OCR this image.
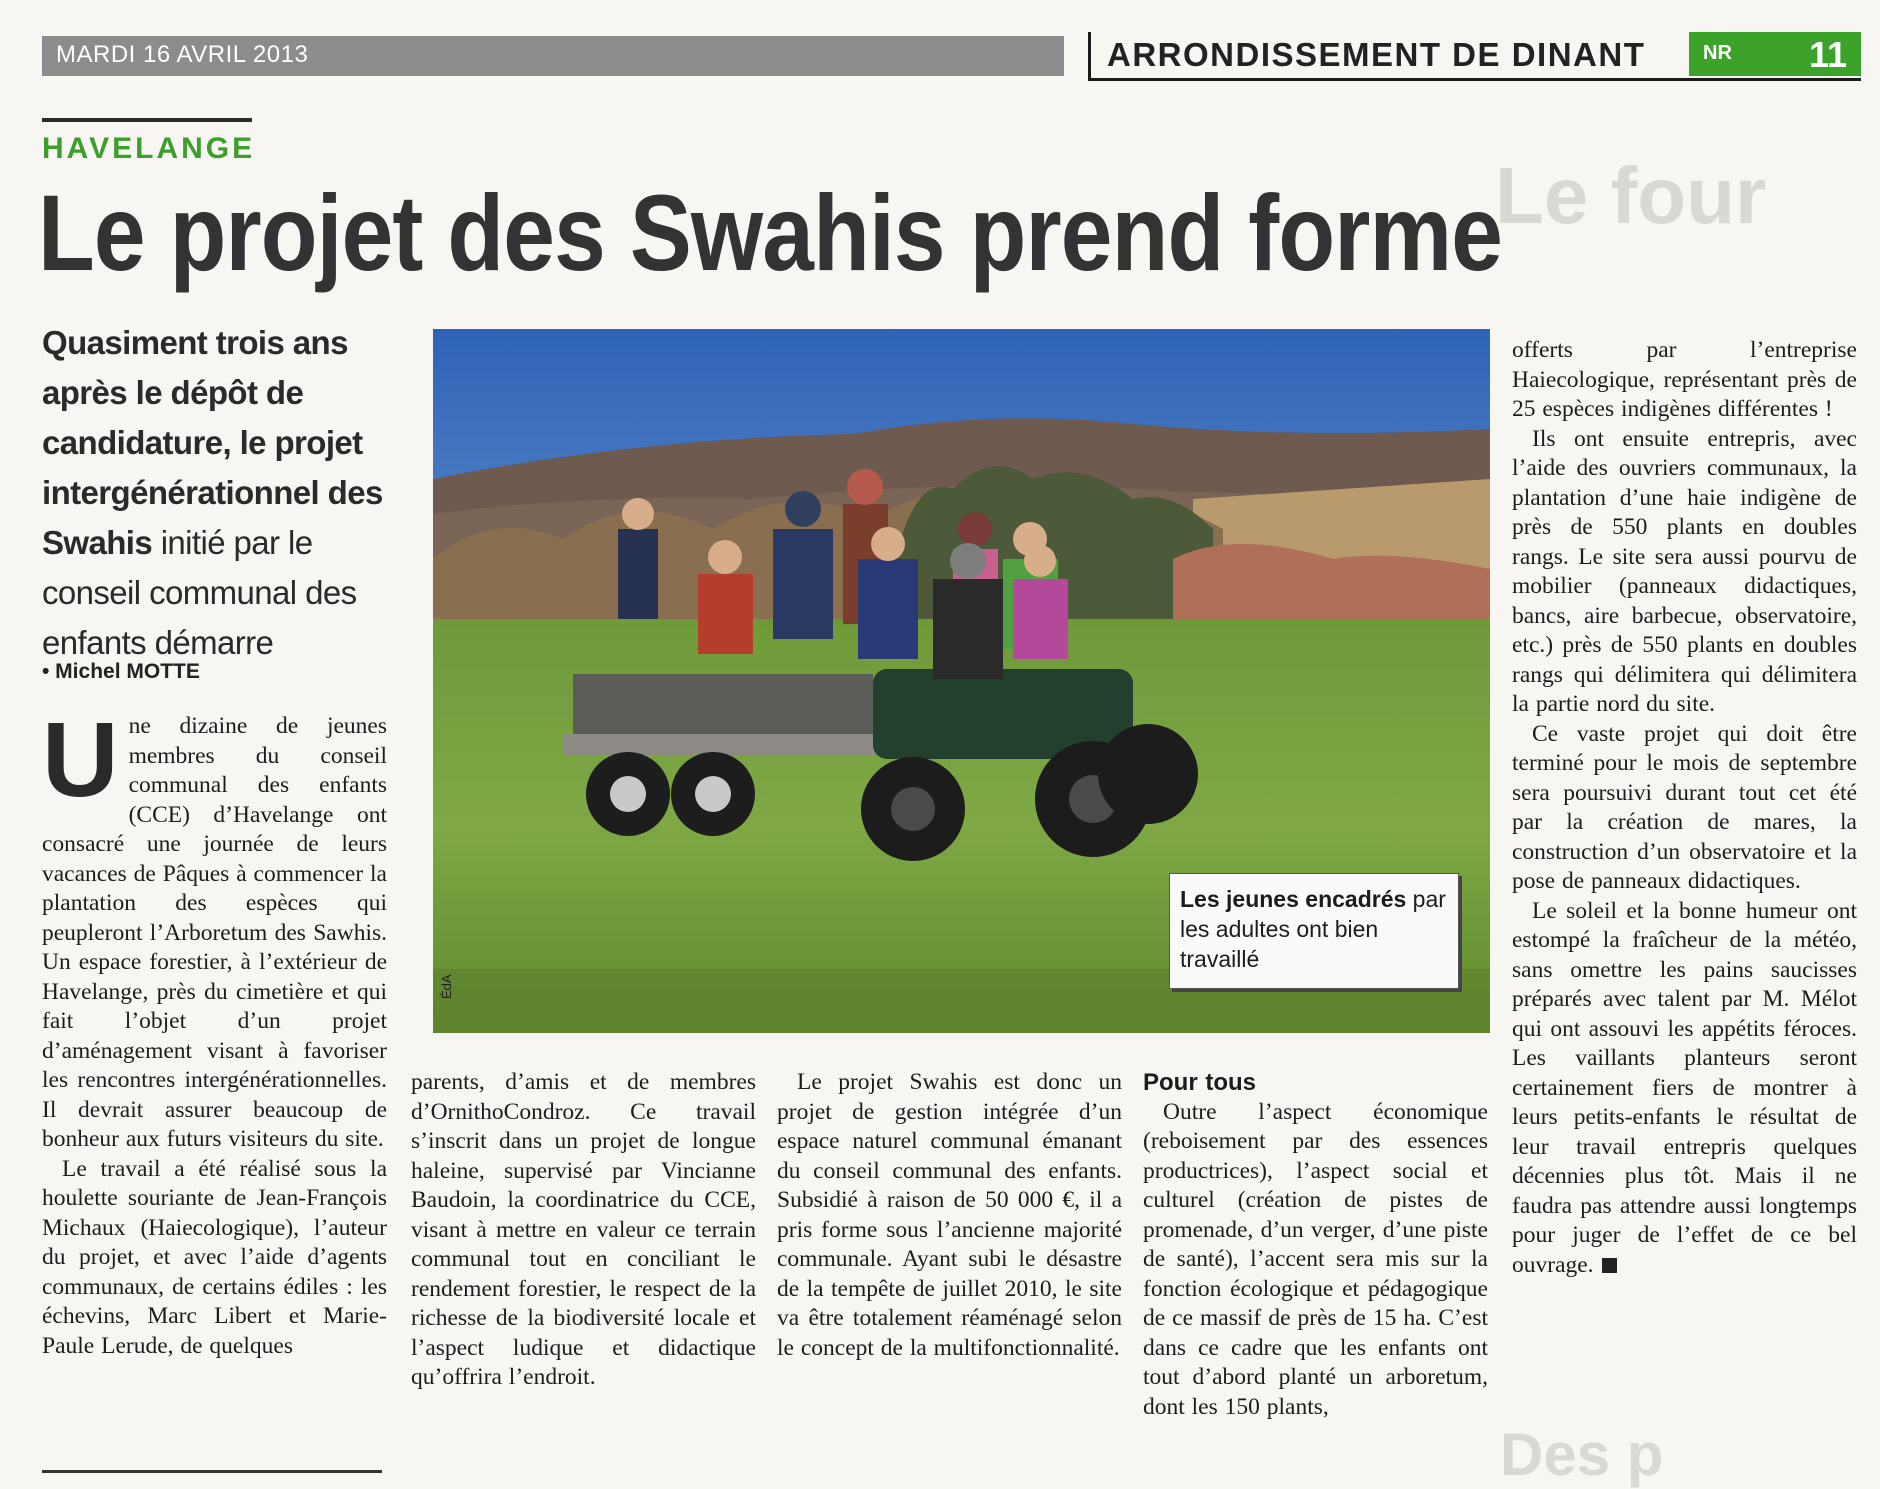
Le four
Des p
MARDI 16 AVRIL 2013	ARRONDISSEMENT DE DINANT	NR 11
HAVELANGE
Le projet des Swahis prend forme
Quasiment trois ans après le dépôt de candidature, le projet intergénérationnel des Swahis initié par le conseil communal des enfants démarre
• Michel MOTTE
Les jeunes encadrés par les adultes ont bien travaillé
ÉdA

Une dizaine de jeunes membres du conseil communal des enfants (CCE) d’Havelange ont consacré une journée de leurs vacances de Pâques à commencer la plantation des espèces qui peupleront l’Arboretum des Sawhis. Un espace forestier, à l’extérieur de Havelange, près du cimetière et qui fait l’objet d’un projet d’aménagement visant à favoriser les rencontres intergénérationnelles. Il devrait assurer beaucoup de bonheur aux futurs visiteurs du site.

Le travail a été réalisé sous la houlette souriante de Jean-François Michaux (Haiecologique), l’auteur du projet, et avec l’aide d’agents communaux, de certains édiles : les échevins, Marc Libert et Marie-Paule Lerude, de quelques

parents, d’amis et de membres d’OrnithoCondroz. Ce travail s’inscrit dans un projet de longue haleine, supervisé par Vincianne Baudoin, la coordinatrice du CCE, visant à mettre en valeur ce terrain communal tout en conciliant le rendement forestier, le respect de la richesse de la biodiversité locale et l’aspect ludique et didactique qu’offrira l’endroit.

Le projet Swahis est donc un projet de gestion intégrée d’un espace naturel communal émanant du conseil communal des enfants. Subsidié à raison de 50 000 €, il a pris forme sous l’ancienne majorité communale. Ayant subi le désastre de la tempête de juillet 2010, le site va être totalement réaménagé selon le concept de la multifonctionnalité.

Pour tous

Outre l’aspect économique (reboisement par des essences productrices), l’aspect social et culturel (création de pistes de promenade, d’un verger, d’une piste de santé), l’accent sera mis sur la fonction écologique et pédagogique de ce massif de près de 15 ha. C’est dans ce cadre que les enfants ont tout d’abord planté un arboretum, dont les 150 plants,

offerts par l’entreprise Haiecologique, représentant près de 25 espèces indigènes différentes !

Ils ont ensuite entrepris, avec l’aide des ouvriers communaux, la plantation d’une haie indigène de près de 550 plants en doubles rangs. Le site sera aussi pourvu de mobilier (panneaux didactiques, bancs, aire barbecue, observatoire, etc.) près de 550 plants en doubles rangs qui délimitera qui délimitera la partie nord du site.

Ce vaste projet qui doit être terminé pour le mois de septembre sera poursuivi durant tout cet été par la création de mares, la construction d’un observatoire et la pose de panneaux didactiques.

Le soleil et la bonne humeur ont estompé la fraîcheur de la météo, sans omettre les pains saucisses préparés avec talent par M. Mélot qui ont assouvi les appétits féroces. Les vaillants planteurs seront certainement fiers de montrer à leurs petits-enfants le résultat de leur travail entrepris quelques décennies plus tôt. Mais il ne faudra pas attendre aussi longtemps pour juger de l’effet de ce bel ouvrage.
